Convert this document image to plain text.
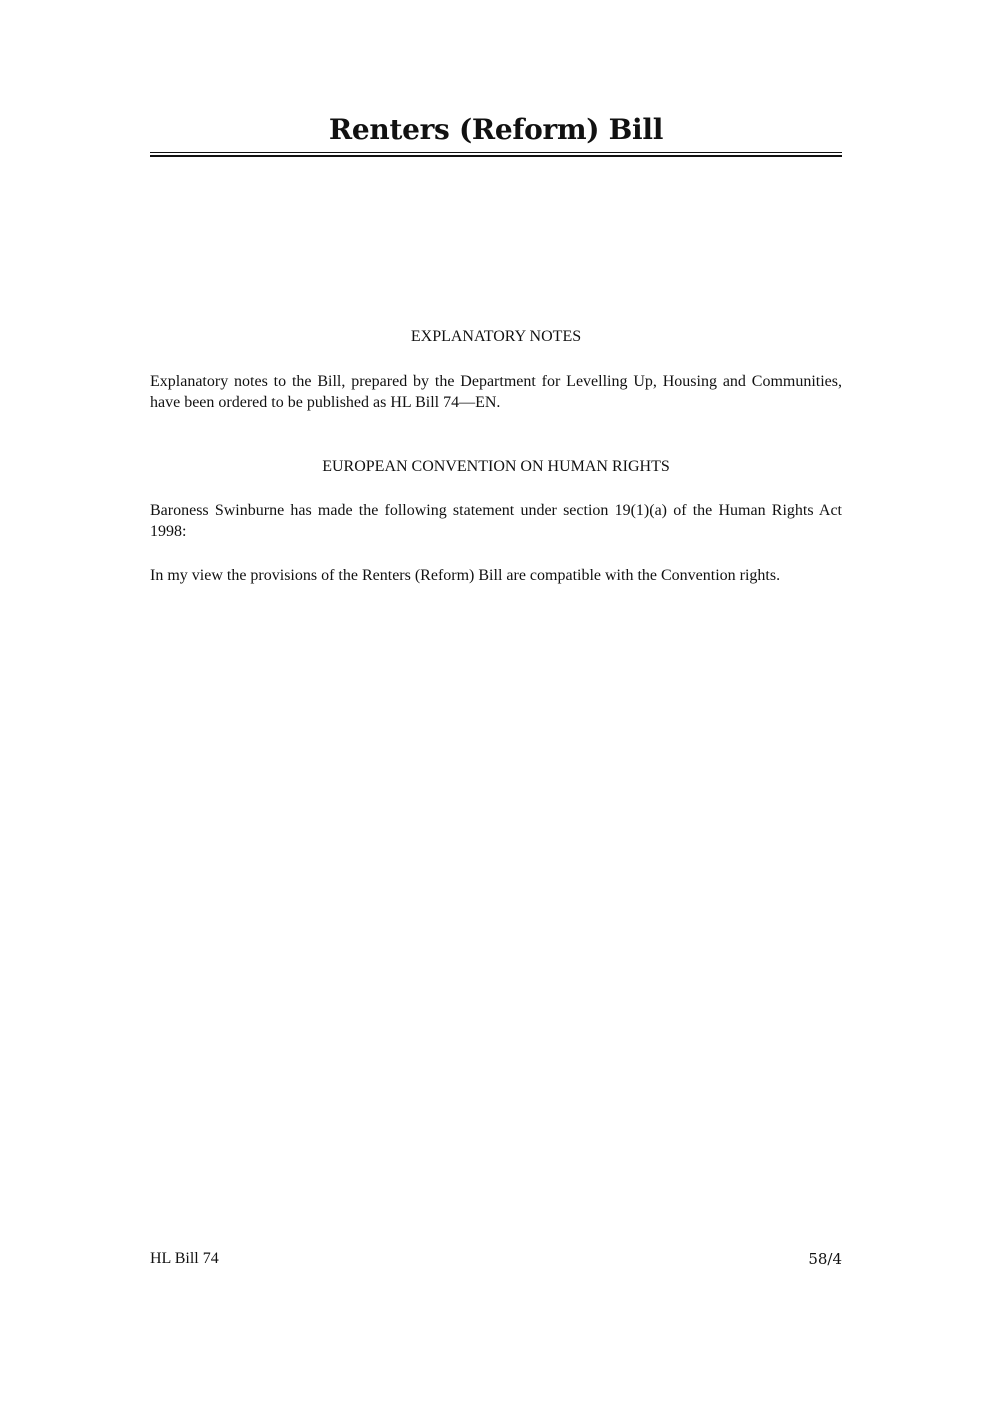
Renters (Reform) Bill
EXPLANATORY NOTES

Explanatory notes to the Bill, prepared by the Department for Levelling Up, Housing and Communities, have been ordered to be published as HL Bill 74—EN.

EUROPEAN CONVENTION ON HUMAN RIGHTS

Baroness Swinburne has made the following statement under section 19(1)(a) of the Human Rights Act 1998:

In my view the provisions of the Renters (Reform) Bill are compatible with the Convention rights.

HL Bill 74	58/4
